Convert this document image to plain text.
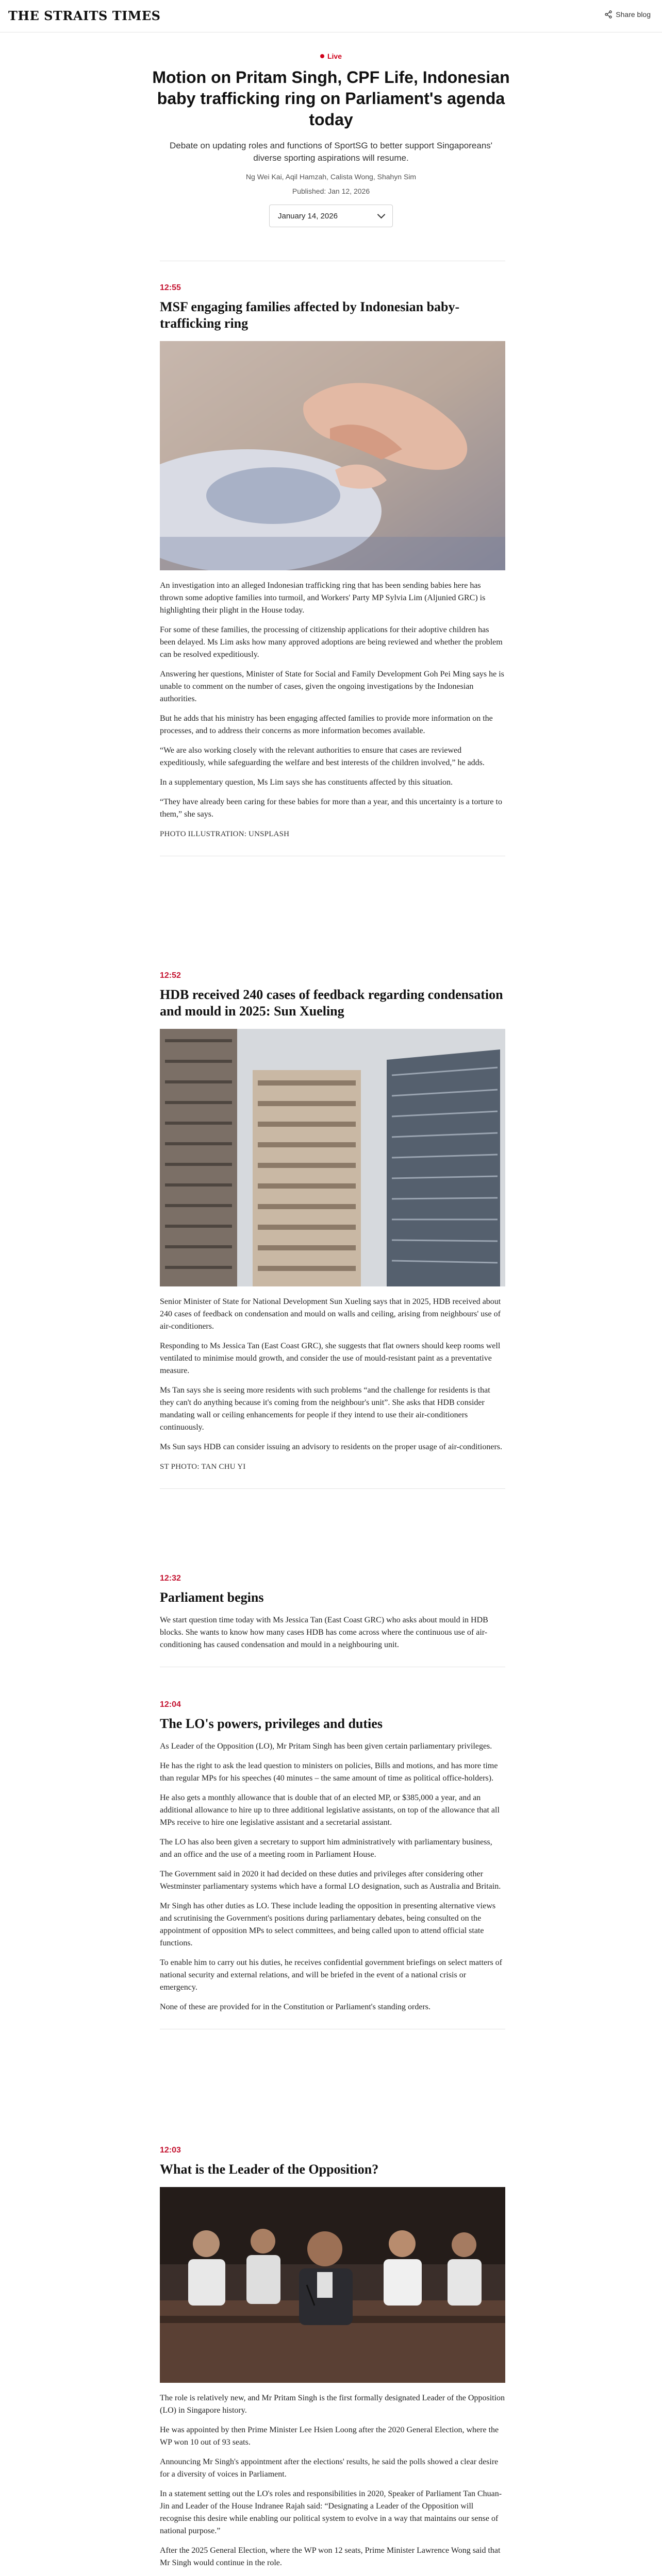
THE STRAITS TIMES	Share blog
Live
Motion on Pritam Singh, CPF Life, Indonesian baby trafficking ring on Parliament's agenda today
Debate on updating roles and functions of SportSG to better support Singaporeans' diverse sporting aspirations will resume.
Ng Wei Kai, Aqil Hamzah, Calista Wong, Shahyn Sim
Published: Jan 12, 2026
January 14, 2026
12:55
MSF engaging families affected by Indonesian baby-trafficking ring

An investigation into an alleged Indonesian trafficking ring that has been sending babies here has thrown some adoptive families into turmoil, and Workers' Party MP Sylvia Lim (Aljunied GRC) is highlighting their plight in the House today.

For some of these families, the processing of citizenship applications for their adoptive children has been delayed. Ms Lim asks how many approved adoptions are being reviewed and whether the problem can be resolved expeditiously.

Answering her questions, Minister of State for Social and Family Development Goh Pei Ming says he is unable to comment on the number of cases, given the ongoing investigations by the Indonesian authorities.

But he adds that his ministry has been engaging affected families to provide more information on the processes, and to address their concerns as more information becomes available.

“We are also working closely with the relevant authorities to ensure that cases are reviewed expeditiously, while safeguarding the welfare and best interests of the children involved,” he adds.

In a supplementary question, Ms Lim says she has constituents affected by this situation.

“They have already been caring for these babies for more than a year, and this uncertainty is a torture to them,” she says.

PHOTO ILLUSTRATION: UNSPLASH

12:52
HDB received 240 cases of feedback regarding condensation and mould in 2025: Sun Xueling

Senior Minister of State for National Development Sun Xueling says that in 2025, HDB received about 240 cases of feedback on condensation and mould on walls and ceiling, arising from neighbours' use of air-conditioners.

Responding to Ms Jessica Tan (East Coast GRC), she suggests that flat owners should keep rooms well ventilated to minimise mould growth, and consider the use of mould-resistant paint as a preventative measure.

Ms Tan says she is seeing more residents with such problems “and the challenge for residents is that they can't do anything because it's coming from the neighbour's unit”. She asks that HDB consider mandating wall or ceiling enhancements for people if they intend to use their air-conditioners continuously.

Ms Sun says HDB can consider issuing an advisory to residents on the proper usage of air-conditioners.

ST PHOTO: TAN CHU YI

12:32
Parliament begins

We start question time today with Ms Jessica Tan (East Coast GRC) who asks about mould in HDB blocks. She wants to know how many cases HDB has come across where the continuous use of air-conditioning has caused condensation and mould in a neighbouring unit.

12:04
The LO's powers, privileges and duties

As Leader of the Opposition (LO), Mr Pritam Singh has been given certain parliamentary privileges.

He has the right to ask the lead question to ministers on policies, Bills and motions, and has more time than regular MPs for his speeches (40 minutes – the same amount of time as political office-holders).

He also gets a monthly allowance that is double that of an elected MP, or $385,000 a year, and an additional allowance to hire up to three additional legislative assistants, on top of the allowance that all MPs receive to hire one legislative assistant and a secretarial assistant.

The LO has also been given a secretary to support him administratively with parliamentary business, and an office and the use of a meeting room in Parliament House.

The Government said in 2020 it had decided on these duties and privileges after considering other Westminster parliamentary systems which have a formal LO designation, such as Australia and Britain.

Mr Singh has other duties as LO. These include leading the opposition in presenting alternative views and scrutinising the Government's positions during parliamentary debates, being consulted on the appointment of opposition MPs to select committees, and being called upon to attend official state functions.

To enable him to carry out his duties, he receives confidential government briefings on select matters of national security and external relations, and will be briefed in the event of a national crisis or emergency.

None of these are provided for in the Constitution or Parliament's standing orders.

12:03
What is the Leader of the Opposition?

The role is relatively new, and Mr Pritam Singh is the first formally designated Leader of the Opposition (LO) in Singapore history.

He was appointed by then Prime Minister Lee Hsien Loong after the 2020 General Election, where the WP won 10 out of 93 seats.

Announcing Mr Singh's appointment after the elections' results, he said the polls showed a clear desire for a diversity of voices in Parliament.

In a statement setting out the LO's roles and responsibilities in 2020, Speaker of Parliament Tan Chuan-Jin and Leader of the House Indranee Rajah said: “Designating a Leader of the Opposition will recognise this desire while enabling our political system to evolve in a way that maintains our sense of national purpose.”

After the 2025 General Election, where the WP won 12 seats, Prime Minister Lawrence Wong said that Mr Singh would continue in the role.
